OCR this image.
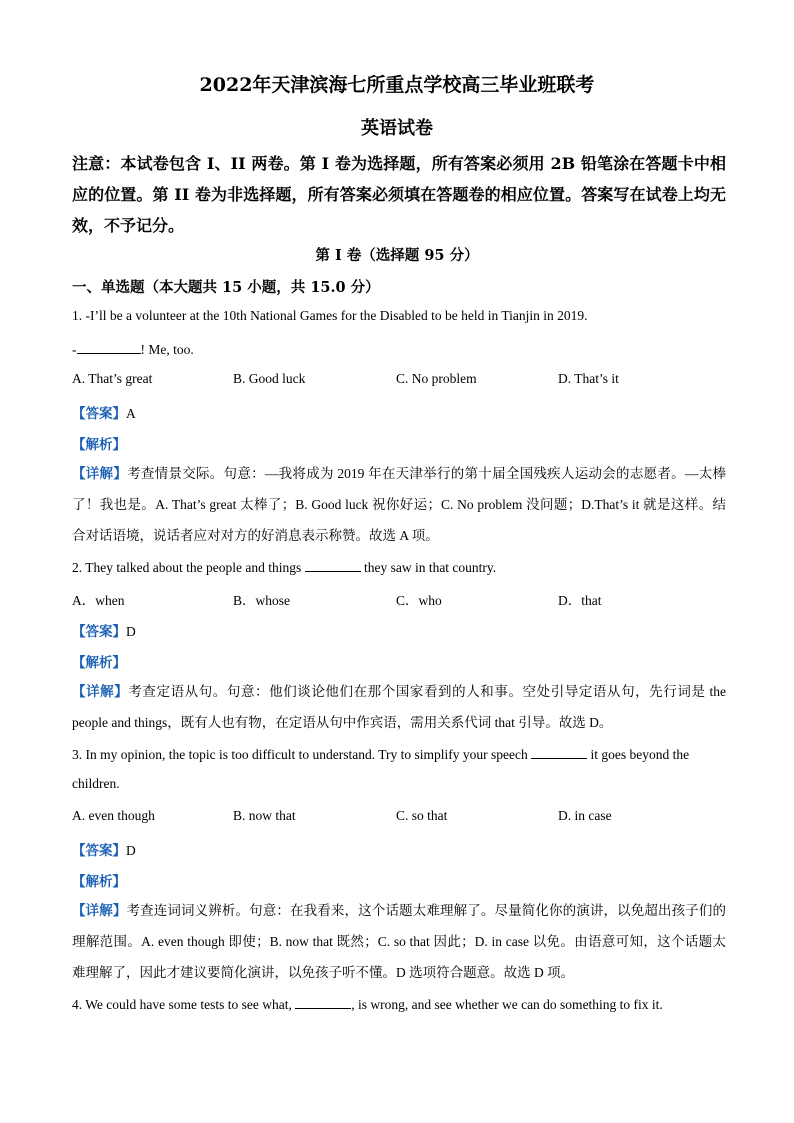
2022年天津滨海七所重点学校高三毕业班联考
英语试卷
注意：本试卷包含 I、II 两卷。第 I 卷为选择题，所有答案必须用 2B 铅笔涂在答题卡中相应的位置。第 II 卷为非选择题，所有答案必须填在答题卷的相应位置。答案写在试卷上均无效，不予记分。
第 I 卷（选择题 95 分）
一、单选题（本大题共 15 小题，共 15.0 分）
1. -I’ll be a volunteer at the 10th National Games for the Disabled to be held in Tianjin in 2019.
-	! Me, too.
A. That’s great	B. Good luck	C. No problem	D. That’s it
【答案】A
【解析】
【详解】考查情景交际。句意：—我将成为 2019 年在天津举行的第十届全国残疾人运动会的志愿者。—太棒了！我也是。A. That’s great 太棒了；B. Good luck 祝你好运；C. No problem 没问题；D.That’s it 就是这样。结合对话语境，说话者应对对方的好消息表示称赞。故选 A 项。
2. They talked about the people and things	they saw in that country.
A．when	B．whose	C．who	D．that
【答案】D
【解析】
【详解】考查定语从句。句意：他们谈论他们在那个国家看到的人和事。空处引导定语从句，先行词是 the people and things，既有人也有物，在定语从句中作宾语，需用关系代词 that 引导。故选 D。
3. In my opinion, the topic is too difficult to understand. Try to simplify your speech	it goes beyond the
children.
A. even though	B. now that	C. so that	D. in case
【答案】D
【解析】
【详解】考查连词词义辨析。句意：在我看来，这个话题太难理解了。尽量简化你的演讲，以免超出孩子们的理解范围。A. even though 即使；B. now that 既然；C. so that 因此；D. in case 以免。由语意可知，这个话题太难理解了，因此才建议要简化演讲，以免孩子听不懂。D 选项符合题意。故选 D 项。
4. We could have some tests to see what,	, is wrong, and see whether we can do something to fix it.
